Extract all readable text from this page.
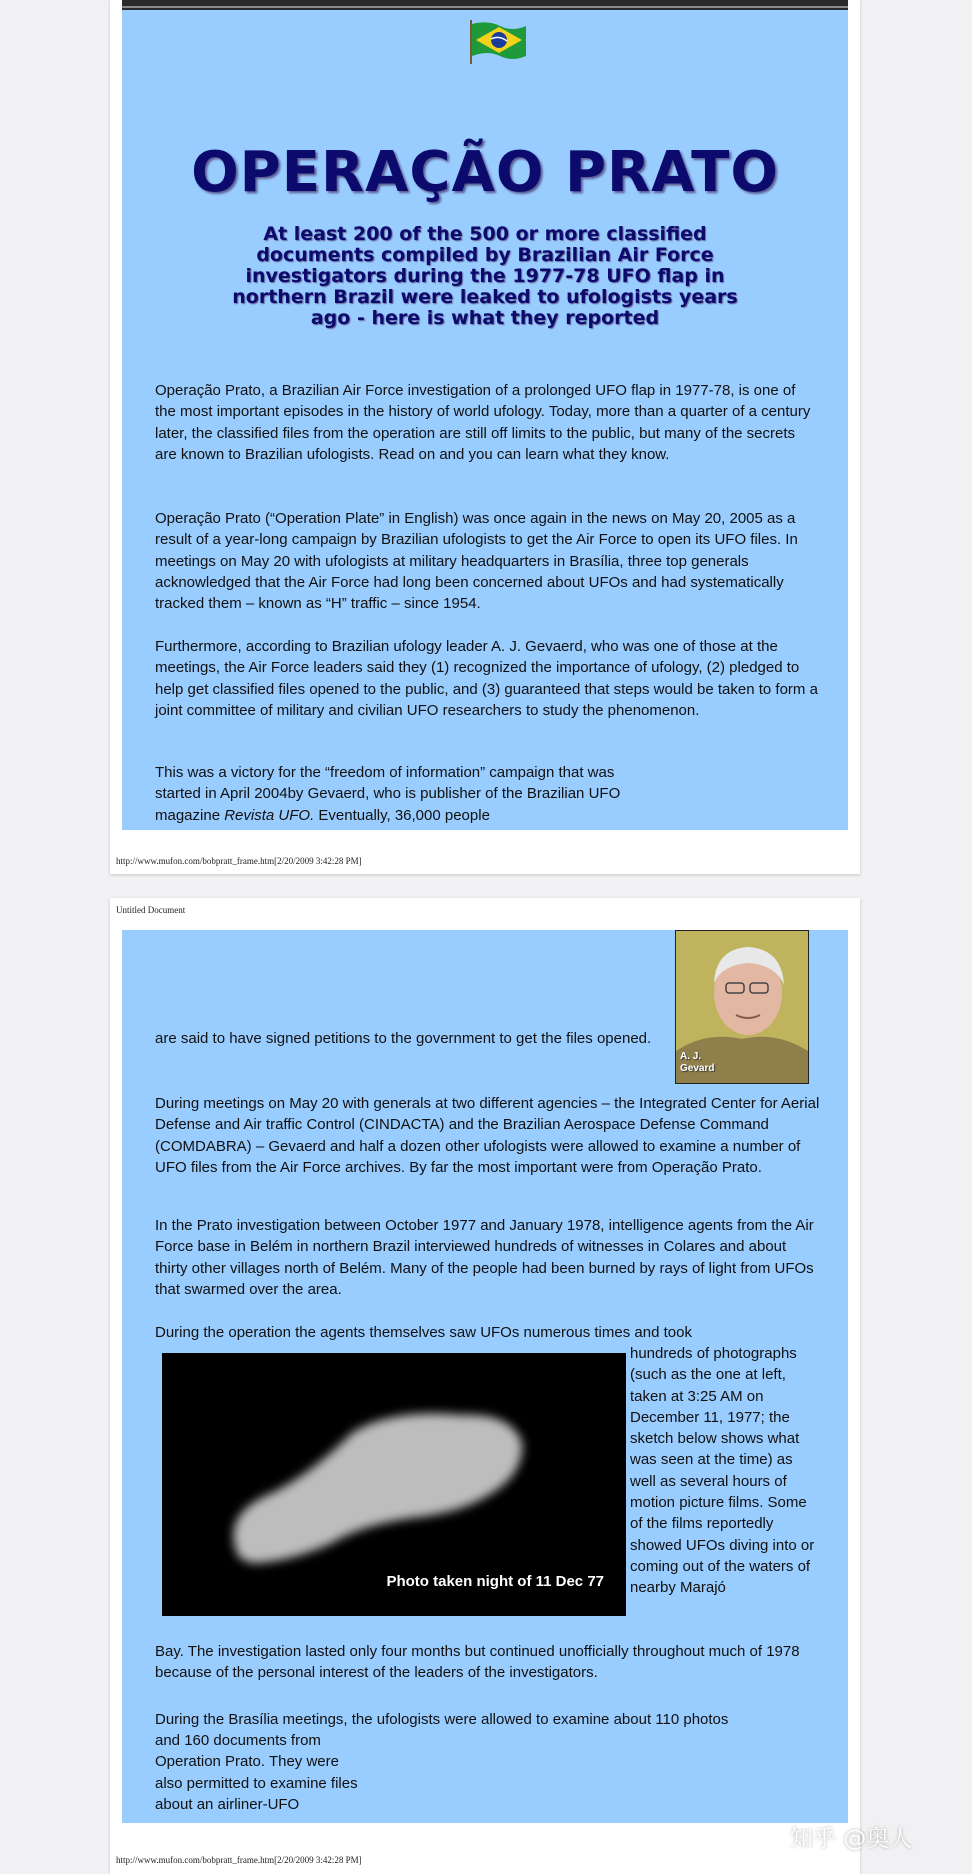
OPERAÇÃO PRATO
At least 200 of the 500 or more classified documents compiled by Brazilian Air Force investigators during the 1977-78 UFO flap in northern Brazil were leaked to ufologists years ago - here is what they reported

Operação Prato, a Brazilian Air Force investigation of a prolonged UFO flap in 1977-78, is one of the most important episodes in the history of world ufology. Today, more than a quarter of a century later, the classified files from the operation are still off limits to the public, but many of the secrets are known to Brazilian ufologists. Read on and you can learn what they know.

Operação Prato (“Operation Plate” in English) was once again in the news on May 20, 2005 as a result of a year-long campaign by Brazilian ufologists to get the Air Force to open its UFO files. In meetings on May 20 with ufologists at military headquarters in Brasília, three top generals acknowledged that the Air Force had long been concerned about UFOs and had systematically tracked them – known as “H” traffic – since 1954.

Furthermore, according to Brazilian ufology leader A. J. Gevaerd, who was one of those at the meetings, the Air Force leaders said they (1) recognized the importance of ufology, (2) pledged to help get classified files opened to the public, and (3) guaranteed that steps would be taken to form a joint committee of military and civilian UFO researchers to study the phenomenon.

This was a victory for the “freedom of information” campaign that was started in April 2004by Gevaerd, who is publisher of the Brazilian UFO magazine Revista UFO. Eventually, 36,000 people

http://www.mufon.com/bobpratt_frame.htm[2/20/2009 3:42:28 PM]
Untitled Document
A. J.
Gevard

are said to have signed petitions to the government to get the files opened.

During meetings on May 20 with generals at two different agencies – the Integrated Center for Aerial Defense and Air traffic Control (CINDACTA) and the Brazilian Aerospace Defense Command (COMDABRA) – Gevaerd and half a dozen other ufologists were allowed to examine a number of UFO files from the Air Force archives. By far the most important were from Operação Prato.

In the Prato investigation between October 1977 and January 1978, intelligence agents from the Air Force base in Belém in northern Brazil interviewed hundreds of witnesses in Colares and about thirty other villages north of Belém. Many of the people had been burned by rays of light from UFOs that swarmed over the area.

During the operation the agents themselves saw UFOs numerous times and took

Photo taken night of 11 Dec 77

hundreds of photographs (such as the one at left, taken at 3:25 AM on December 11, 1977; the sketch below shows what was seen at the time) as well as several hours of motion picture films. Some of the films reportedly showed UFOs diving into or coming out of the waters of nearby Marajó

Bay. The investigation lasted only four months but continued unofficially throughout much of 1978 because of the personal interest of the leaders of the investigators.

During the Brasília meetings, the ufologists were allowed to examine about 110 photos

and 160 documents from Operation Prato. They were also permitted to examine files about an airliner-UFO

http://www.mufon.com/bobpratt_frame.htm[2/20/2009 3:42:28 PM]
知乎 @奥人
